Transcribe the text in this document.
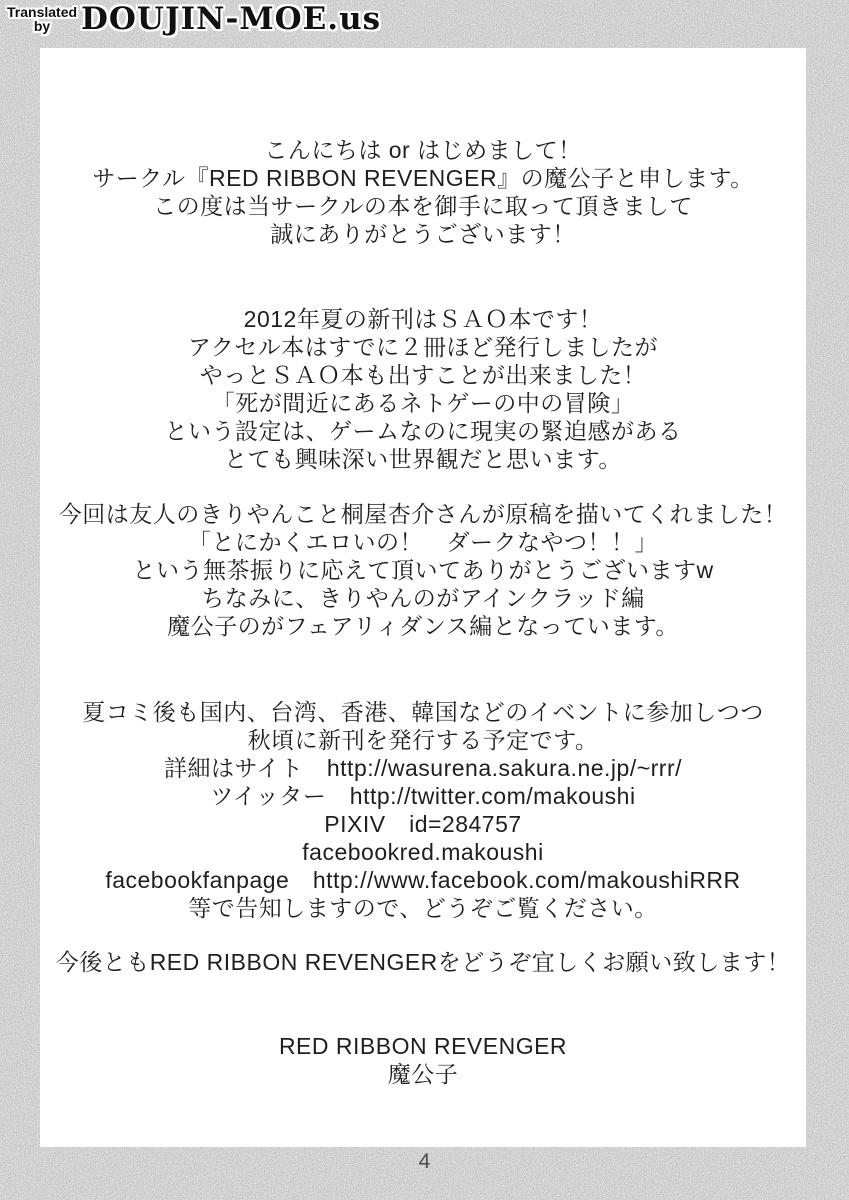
Translated
by DOUJIN-MOE.us
こんにちは or はじめまして！
サークル『RED RIBBON REVENGER』の魔公子と申します。
この度は当サークルの本を御手に取って頂きまして
誠にありがとうございます！
2012年夏の新刊はＳＡＯ本です！
アクセル本はすでに２冊ほど発行しましたが
やっとＳＡＯ本も出すことが出来ました！
「死が間近にあるネトゲーの中の冒険」
という設定は、ゲームなのに現実の緊迫感がある
とても興味深い世界観だと思います。
今回は友人のきりやんこと桐屋杏介さんが原稿を描いてくれました！
「とにかくエロいの！　ダークなやつ！！」
という無茶振りに応えて頂いてありがとうございますw
ちなみに、きりやんのがアインクラッド編
魔公子のがフェアリィダンス編となっています。
夏コミ後も国内、台湾、香港、韓国などのイベントに参加しつつ
秋頃に新刊を発行する予定です。
詳細はサイト　http://wasurena.sakura.ne.jp/~rrr/
ツイッター　http://twitter.com/makoushi
PIXIV　id=284757
facebookred.makoushi
facebookfanpage　http://www.facebook.com/makoushiRRR
等で告知しますので、どうぞご覧ください。
今後ともRED RIBBON REVENGERをどうぞ宜しくお願い致します！
RED RIBBON REVENGER
魔公子
4
